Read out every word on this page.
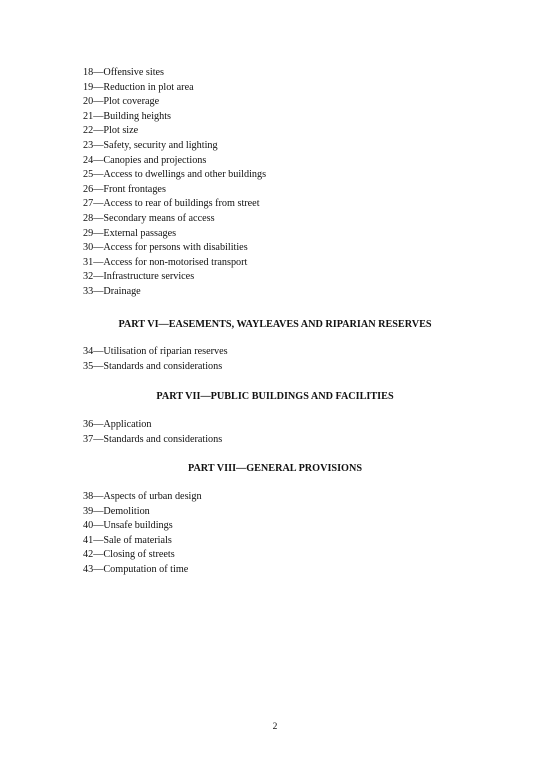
18—Offensive sites
19—Reduction in plot area
20—Plot coverage
21—Building heights
22—Plot size
23—Safety, security and lighting
24—Canopies and projections
25—Access to dwellings and other buildings
26—Front frontages
27—Access to rear of buildings from street
28—Secondary means of access
29—External passages
30—Access for persons with disabilities
31—Access for non-motorised transport
32—Infrastructure services
33—Drainage
PART VI—EASEMENTS, WAYLEAVES AND RIPARIAN RESERVES
34—Utilisation of riparian reserves
35—Standards and considerations
PART VII—PUBLIC BUILDINGS AND FACILITIES
36—Application
37—Standards and considerations
PART VIII—GENERAL PROVISIONS
38—Aspects of urban design
39—Demolition
40—Unsafe buildings
41—Sale of materials
42—Closing of streets
43—Computation of time
2
